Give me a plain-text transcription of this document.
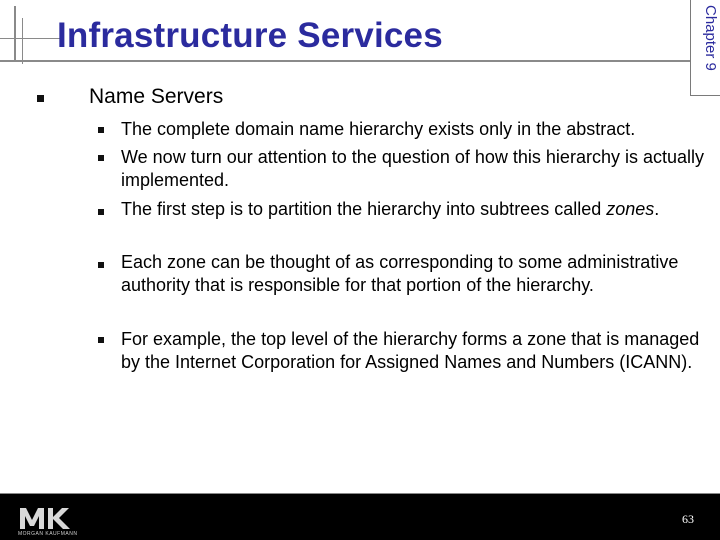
Infrastructure Services	Chapter 9
Name Servers
The complete domain name hierarchy exists only in the abstract.
We now turn our attention to the question of how this hierarchy is actually implemented.
The first step is to partition the hierarchy into subtrees called zones.
Each zone can be thought of as corresponding to some administrative authority that is responsible for that portion of the hierarchy.
For example, the top level of the hierarchy forms a zone that is managed by the Internet Corporation for Assigned Names and Numbers (ICANN).
MORGAN KAUFMANN
63
